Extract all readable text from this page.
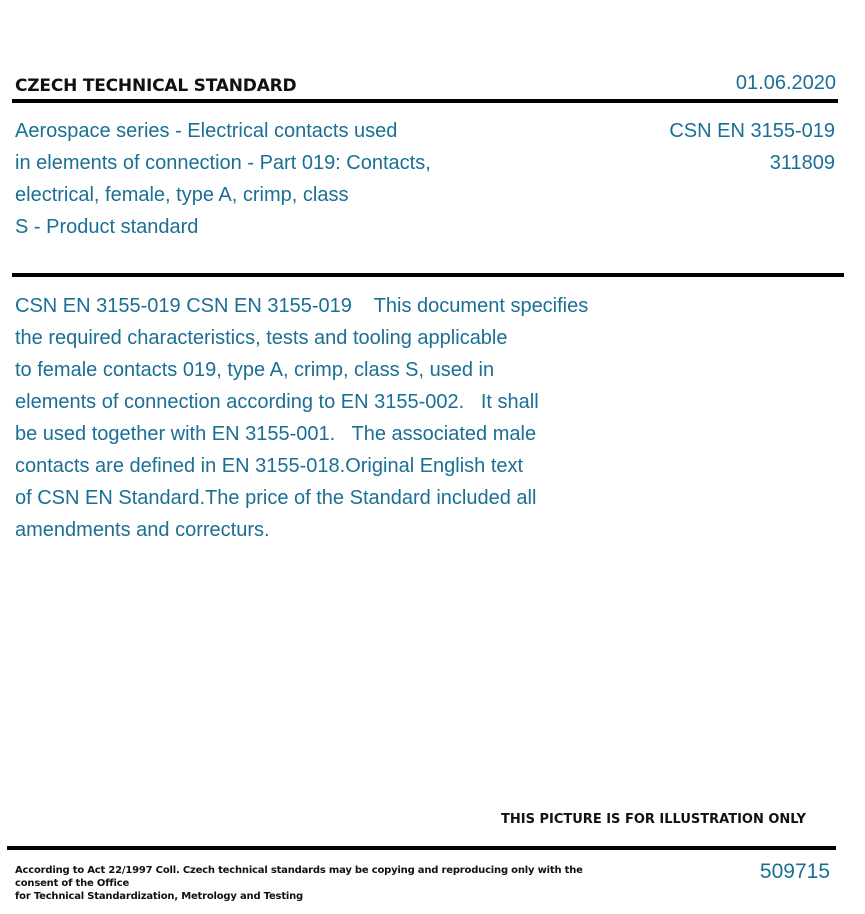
CZECH TECHNICAL STANDARD	01.06.2020
Aerospace series - Electrical contacts used
in elements of connection - Part 019: Contacts,
electrical, female, type A, crimp, class
S - Product standard
CSN EN 3155-019
311809
CSN EN 3155-019 CSN EN 3155-019    This document specifies
the required characteristics, tests and tooling applicable
to female contacts 019, type A, crimp, class S, used in
elements of connection according to EN 3155-002.   It shall
be used together with EN 3155-001.   The associated male
contacts are defined in EN 3155-018.Original English text
of CSN EN Standard.The price of the Standard included all
amendments and correcturs.
THIS PICTURE IS FOR ILLUSTRATION ONLY
According to Act 22/1997 Coll. Czech technical standards may be copying and reproducing only with the consent of the Office
for Technical Standardization, Metrology and Testing
509715
